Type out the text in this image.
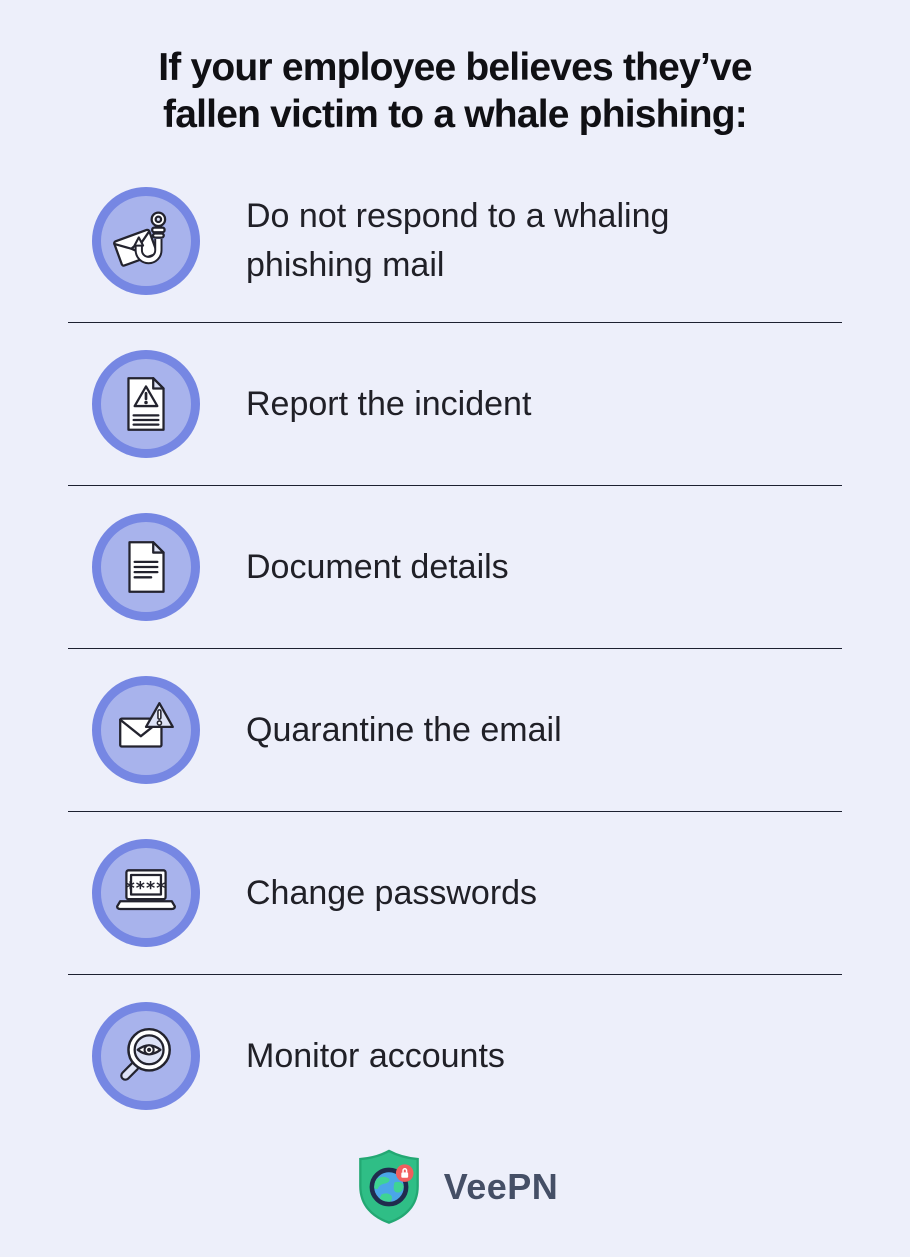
If your employee believes they’ve
fallen victim to a whale phishing:
Do not respond to a whaling phishing mail
Report the incident
Document details
Quarantine the email
**** Change passwords
Monitor accounts
VeePN
